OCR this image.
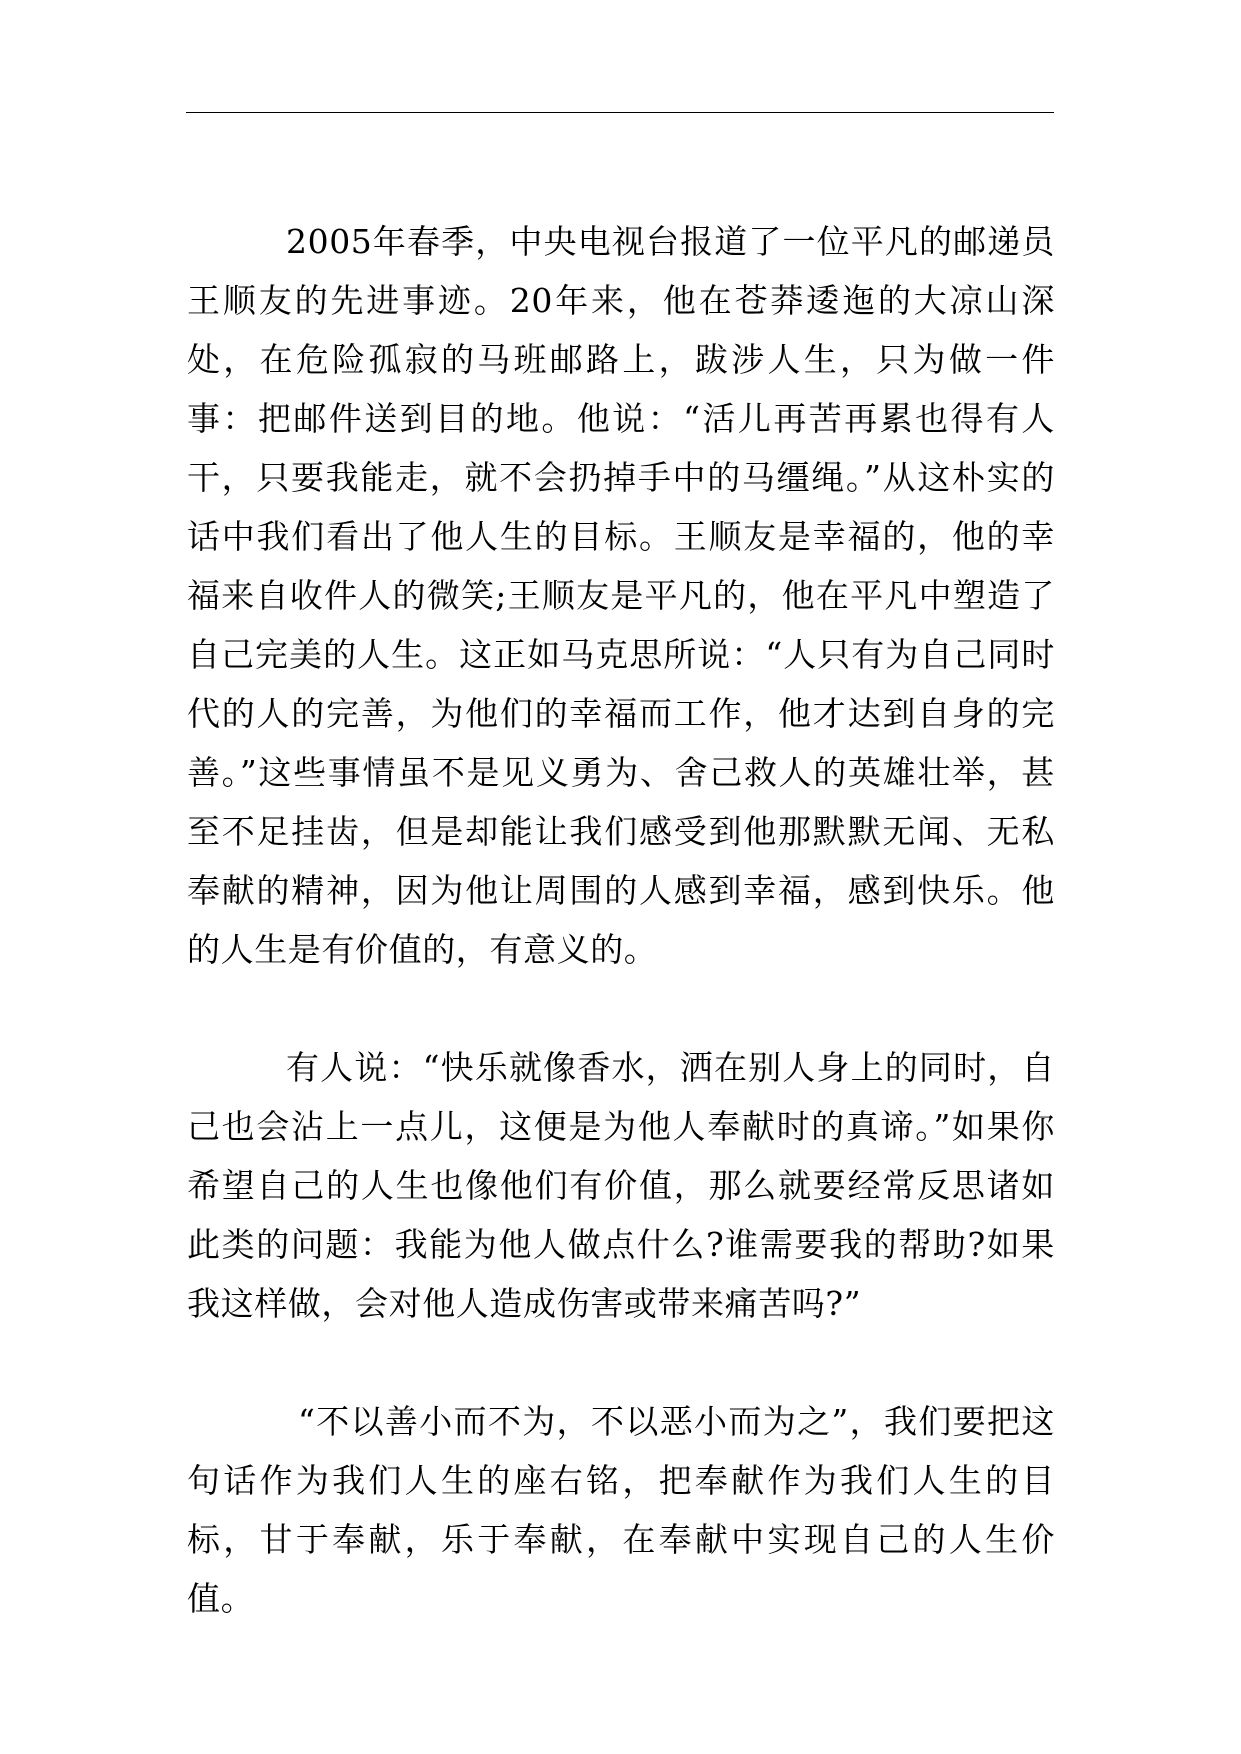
2005年春季，中央电视台报道了一位平凡的邮递员王顺友的先进事迹。20年来，他在苍莽逶迤的大凉山深处，在危险孤寂的马班邮路上，跋涉人生，只为做一件事：把邮件送到目的地。他说：“活儿再苦再累也得有人干，只要我能走，就不会扔掉手中的马缰绳。”从这朴实的话中我们看出了他人生的目标。王顺友是幸福的，他的幸福来自收件人的微笑;王顺友是平凡的，他在平凡中塑造了自己完美的人生。这正如马克思所说：“人只有为自己同时代的人的完善，为他们的幸福而工作，他才达到自身的完善。”这些事情虽不是见义勇为、舍己救人的英雄壮举，甚至不足挂齿，但是却能让我们感受到他那默默无闻、无私奉献的精神，因为他让周围的人感到幸福，感到快乐。他的人生是有价值的，有意义的。

有人说：“快乐就像香水，洒在别人身上的同时，自己也会沾上一点儿，这便是为他人奉献时的真谛。”如果你希望自己的人生也像他们有价值，那么就要经常反思诸如此类的问题：我能为他人做点什么?谁需要我的帮助?如果我这样做，会对他人造成伤害或带来痛苦吗?”

“不以善小而不为，不以恶小而为之”，我们要把这句话作为我们人生的座右铭，把奉献作为我们人生的目标，甘于奉献，乐于奉献，在奉献中实现自己的人生价值。
